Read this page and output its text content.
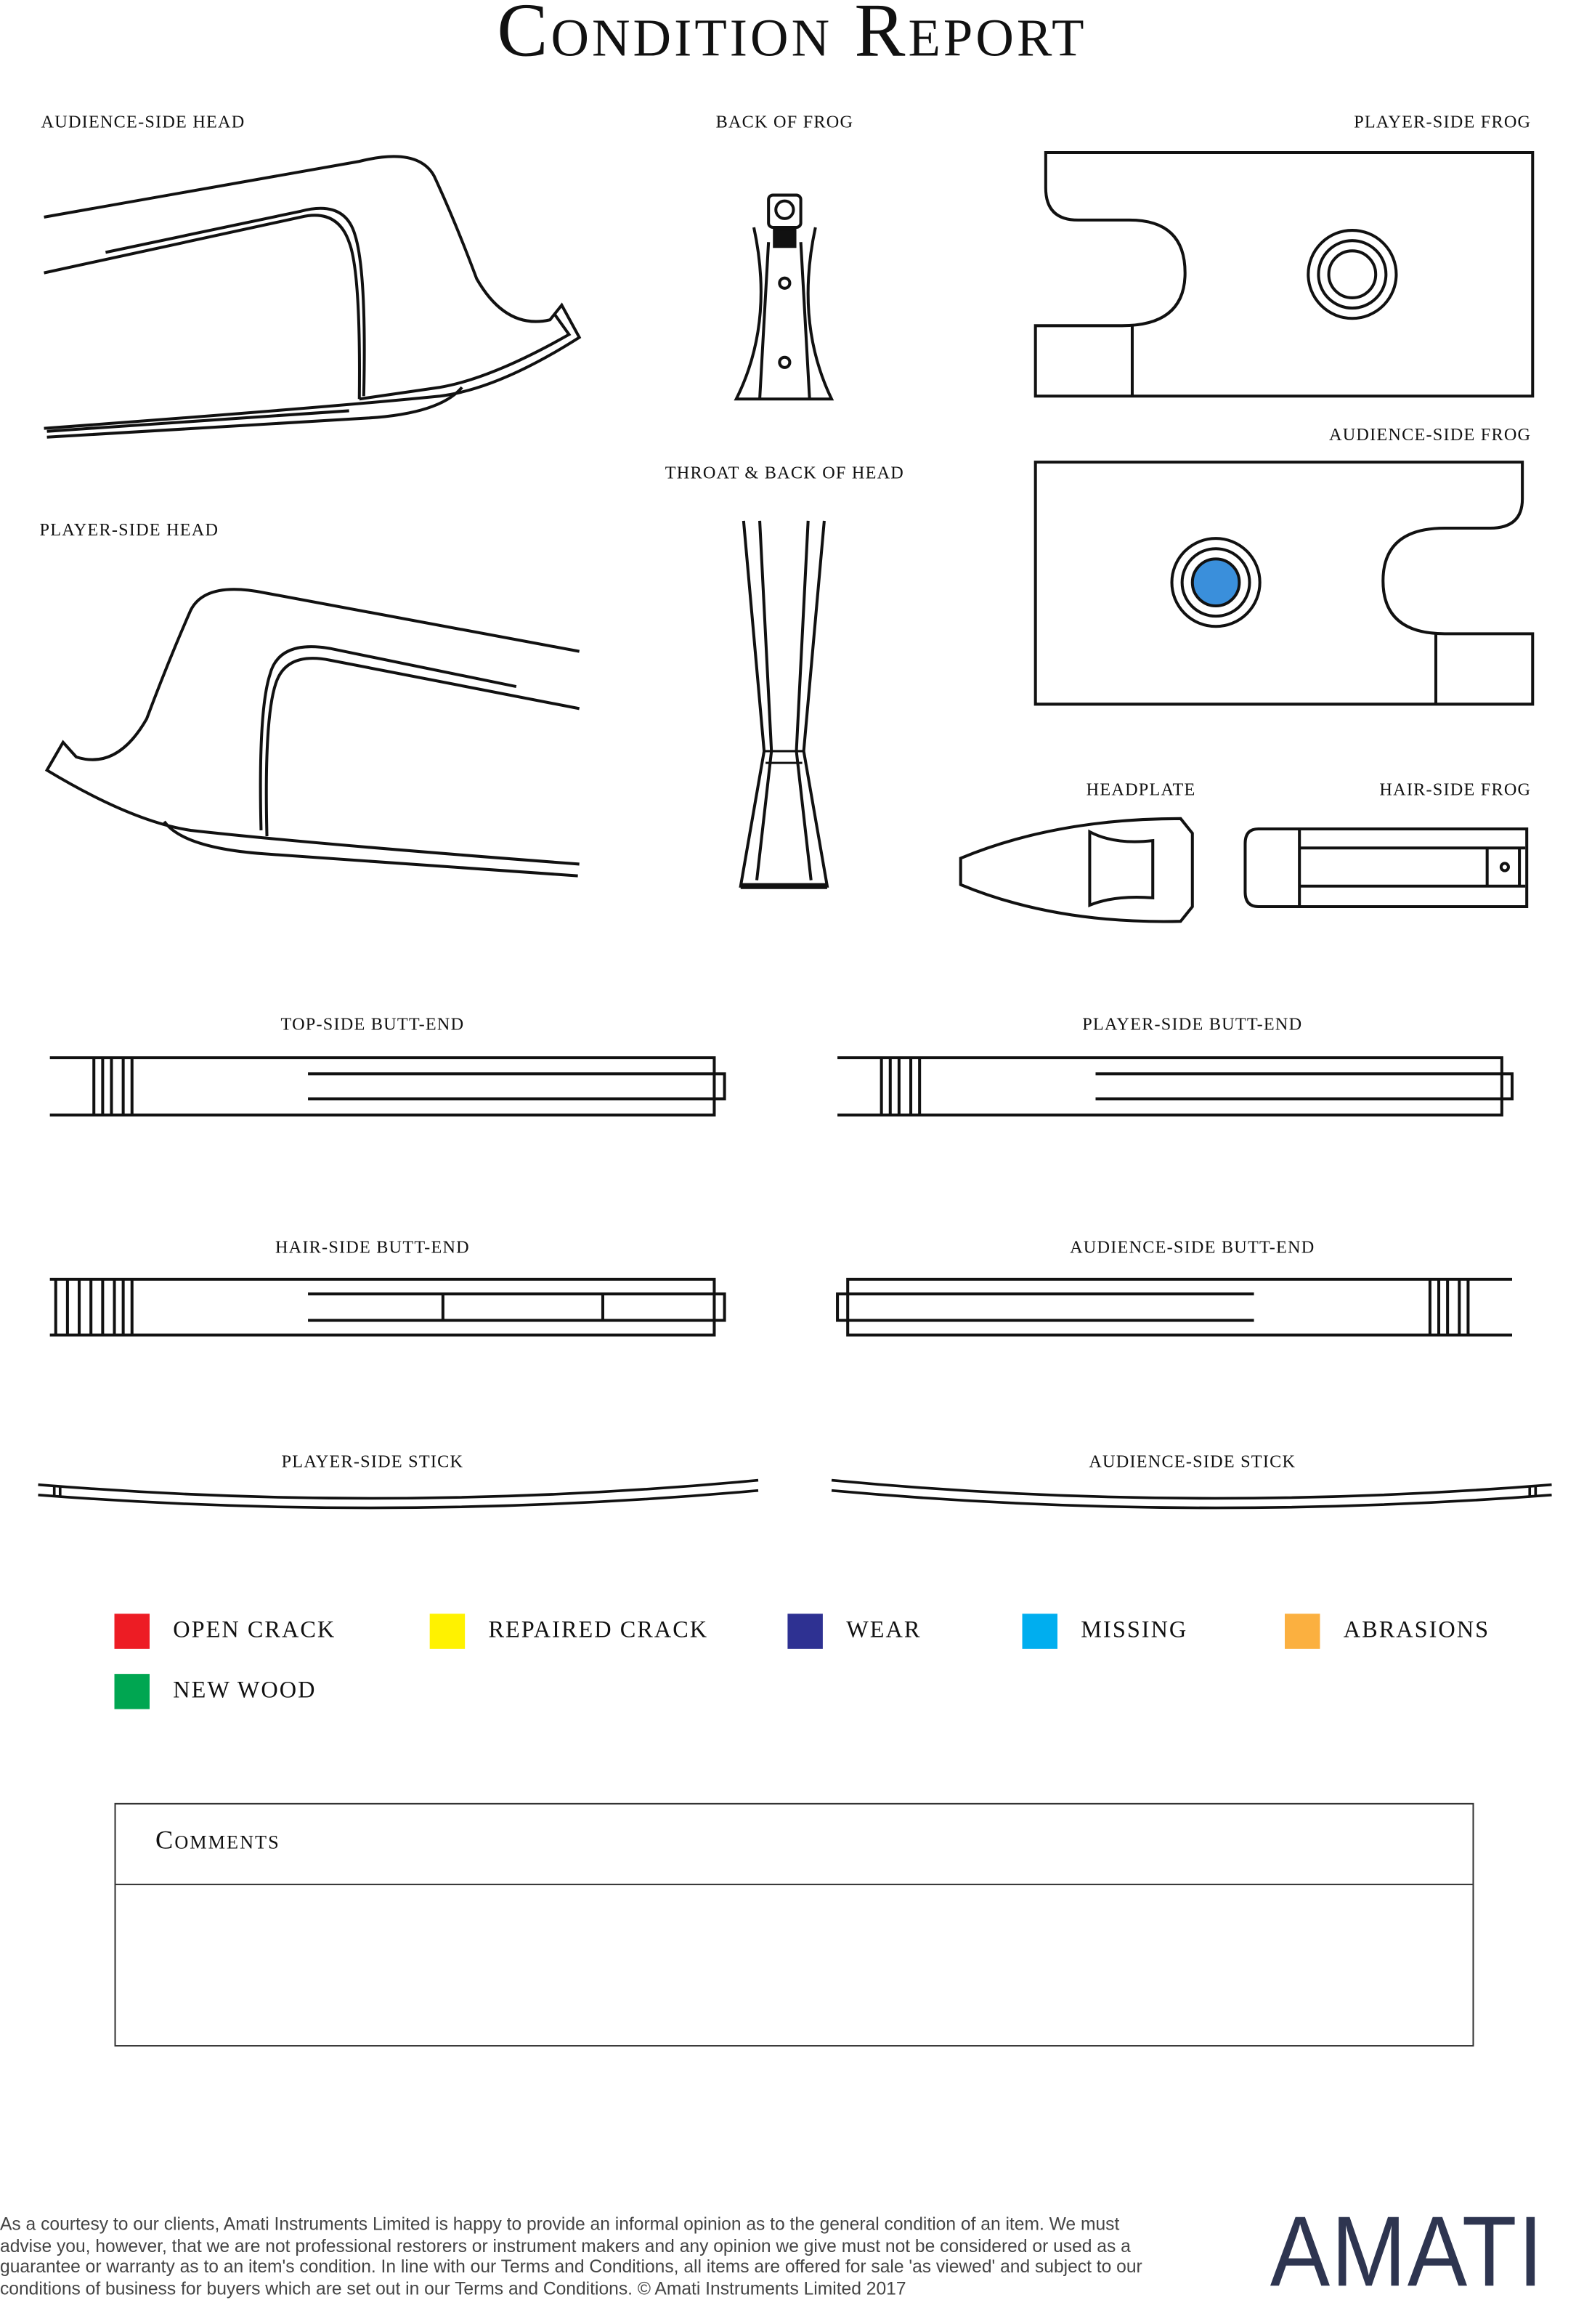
Condition Report
AUDIENCE-SIDE HEAD	BACK OF FROG	PLAYER-SIDE FROG
AUDIENCE-SIDE FROG
THROAT & BACK OF HEAD
PLAYER-SIDE HEAD
HEADPLATE	HAIR-SIDE FROG
TOP-SIDE BUTT-END	PLAYER-SIDE BUTT-END
HAIR-SIDE BUTT-END	AUDIENCE-SIDE BUTT-END
PLAYER-SIDE STICK	AUDIENCE-SIDE STICK
OPEN CRACK	REPAIRED CRACK	WEAR	MISSING	ABRASIONS
NEW WOOD
Comments
As a courtesy to our clients, Amati Instruments Limited is happy to provide an informal opinion as to the general condition of an item. We must advise you, however, that we are not professional restorers or instrument makers and any opinion we give must not be considered or used as a guarantee or warranty as to an item's condition. In line with our Terms and Conditions, all items are offered for sale 'as viewed' and subject to our conditions of business for buyers which are set out in our Terms and Conditions. © Amati Instruments Limited 2017	AMATI
